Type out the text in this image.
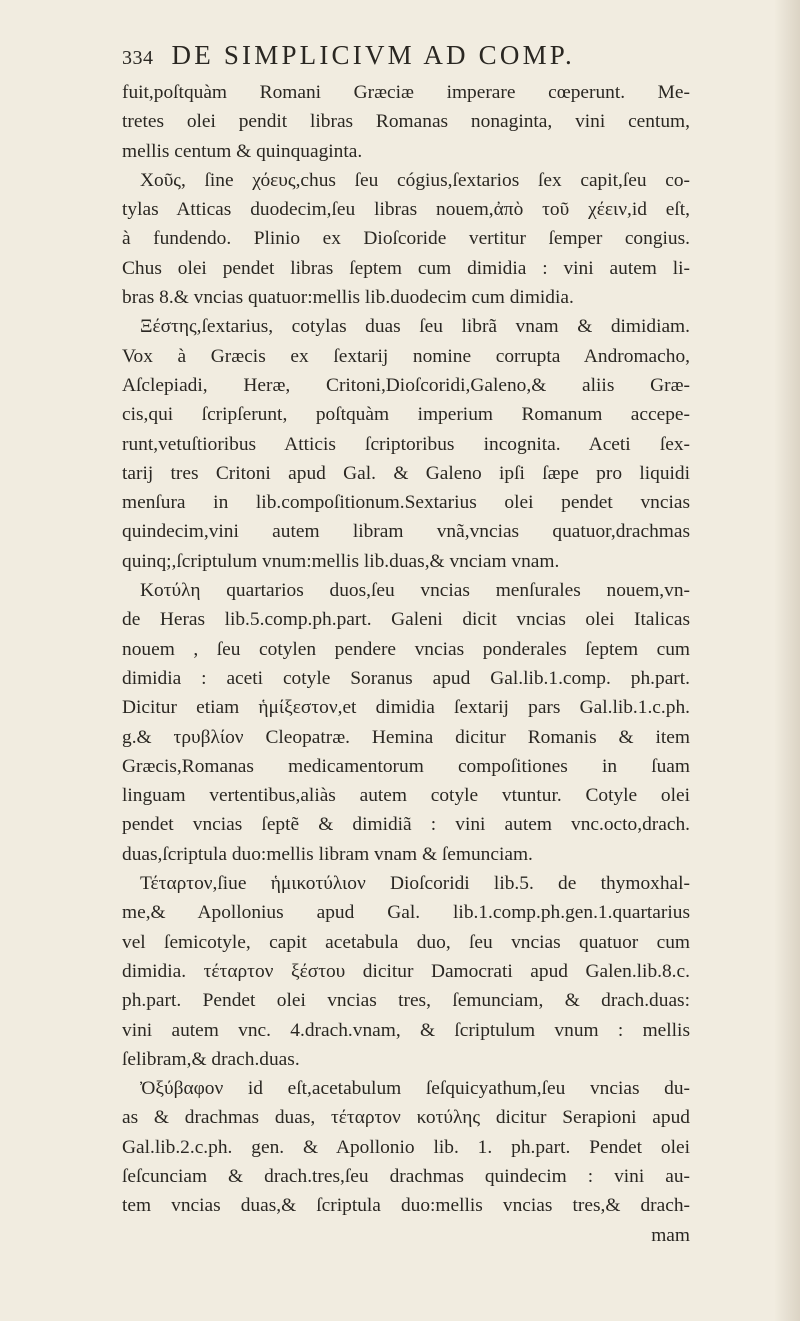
334 DE SIMPLICIVM AD COMP.
fuit,poſtquàm Romani Græciæ imperare cœperunt. Me-
tretes olei pendit libras Romanas nonaginta, vini centum,
mellis centum & quinquaginta.
Χοῦς, ſine χόευς,chus ſeu cógius,ſextarios ſex capit,ſeu co-
tylas Atticas duodecim,ſeu libras nouem,ἀπὸ τοῦ χέειν,id eſt,
à fundendo. Plinio ex Dioſcoride vertitur ſemper congius.
Chus olei pendet libras ſeptem cum dimidia : vini autem li-
bras 8.& vncias quatuor:mellis lib.duodecim cum dimidia.
Ξέστης,ſextarius, cotylas duas ſeu librã vnam & dimidiam.
Vox à Græcis ex ſextarij nomine corrupta Andromacho,
Aſclepiadi, Heræ, Critoni,Dioſcoridi,Galeno,& aliis Græ-
cis,qui ſcripſerunt, poſtquàm imperium Romanum accepe-
runt,vetuſtioribus Atticis ſcriptoribus incognita. Aceti ſex-
tarij tres Critoni apud Gal. & Galeno ipſi ſæpe pro liquidi
menſura in lib.compoſitionum.Sextarius olei pendet vncias
quindecim,vini autem libram vnã,vncias quatuor,drachmas
quinq;,ſcriptulum vnum:mellis lib.duas,& vnciam vnam.
Κοτύλη quartarios duos,ſeu vncias menſurales nouem,vn-
de Heras lib.5.comp.ph.part. Galeni dicit vncias olei Italicas
nouem , ſeu cotylen pendere vncias ponderales ſeptem cum
dimidia : aceti cotyle Soranus apud Gal.lib.1.comp. ph.part.
Dicitur etiam ἡμίξεστον,et dimidia ſextarij pars Gal.lib.1.c.ph.
g.& τρυβλίον Cleopatræ. Hemina dicitur Romanis & item
Græcis,Romanas medicamentorum compoſitiones in ſuam
linguam vertentibus,aliàs autem cotyle vtuntur. Cotyle olei
pendet vncias ſeptẽ & dimidiã : vini autem vnc.octo,drach.
duas,ſcriptula duo:mellis libram vnam & ſemunciam.
Τέταρτον,ſiue ἡμικοτύλιον Dioſcoridi lib.5. de thymoxhal-
me,& Apollonius apud Gal. lib.1.comp.ph.gen.1.quartarius
vel ſemicotyle, capit acetabula duo, ſeu vncias quatuor cum
dimidia. τέταρτον ξέστου dicitur Damocrati apud Galen.lib.8.c.
ph.part. Pendet olei vncias tres, ſemunciam, & drach.duas:
vini autem vnc. 4.drach.vnam, & ſcriptulum vnum : mellis
ſelibram,& drach.duas.
Ὀξύβαφον id eſt,acetabulum ſeſquicyathum,ſeu vncias du-
as & drachmas duas, τέταρτον κοτύλης dicitur Serapioni apud
Gal.lib.2.c.ph. gen. & Apollonio lib. 1. ph.part. Pendet olei
ſeſcunciam & drach.tres,ſeu drachmas quindecim : vini au-
tem vncias duas,& ſcriptula duo:mellis vncias tres,& drach-
mam
